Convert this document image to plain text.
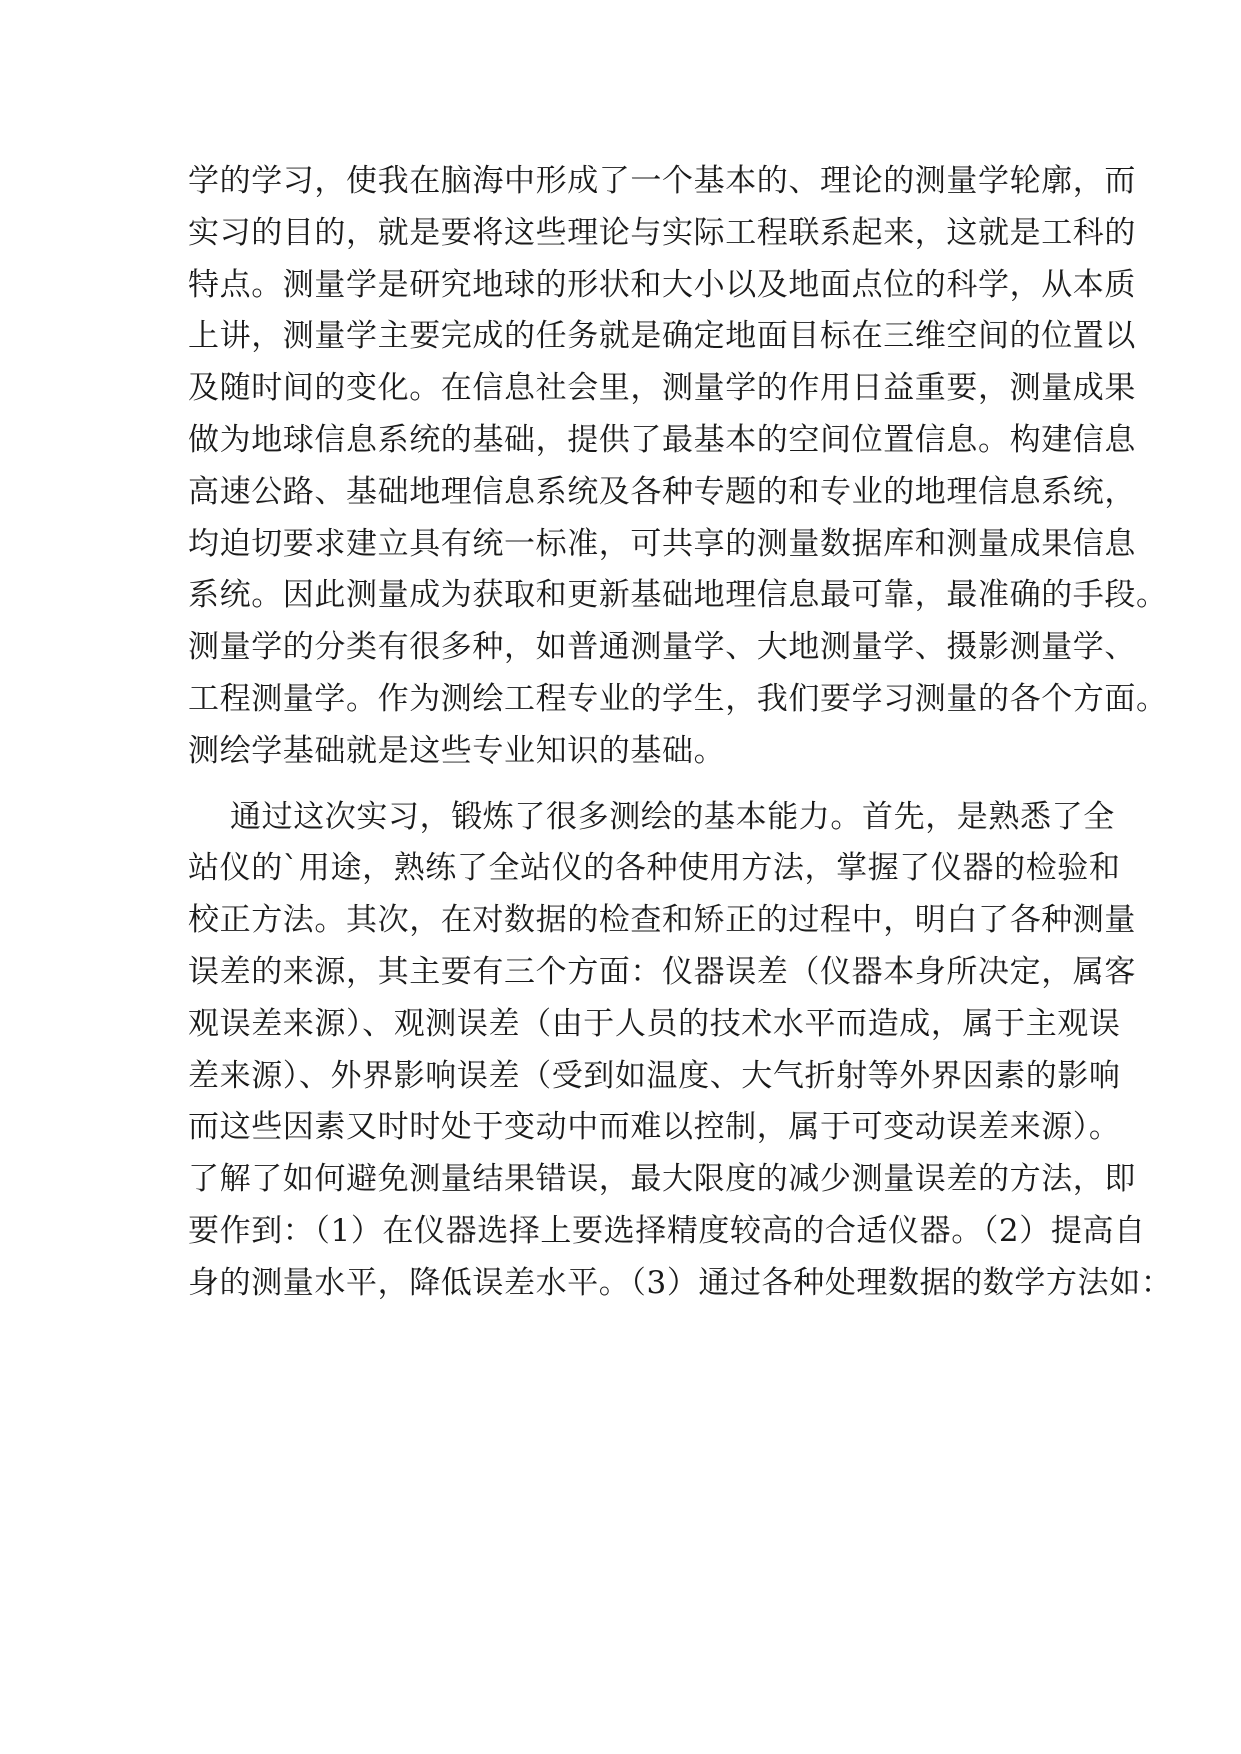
学的学习，使我在脑海中形成了一个基本的、理论的测量学轮廓，而
实习的目的，就是要将这些理论与实际工程联系起来，这就是工科的
特点。测量学是研究地球的形状和大小以及地面点位的科学，从本质
上讲，测量学主要完成的任务就是确定地面目标在三维空间的位置以
及随时间的变化。在信息社会里，测量学的作用日益重要，测量成果
做为地球信息系统的基础，提供了最基本的空间位置信息。构建信息
高速公路、基础地理信息系统及各种专题的和专业的地理信息系统，
均迫切要求建立具有统一标准，可共享的测量数据库和测量成果信息
系统。因此测量成为获取和更新基础地理信息最可靠，最准确的手段。
测量学的分类有很多种，如普通测量学、大地测量学、摄影测量学、
工程测量学。作为测绘工程专业的学生，我们要学习测量的各个方面。
测绘学基础就是这些专业知识的基础。
通过这次实习，锻炼了很多测绘的基本能力。首先，是熟悉了全
站仪的`用途，熟练了全站仪的各种使用方法，掌握了仪器的检验和
校正方法。其次，在对数据的检查和矫正的过程中，明白了各种测量
误差的来源，其主要有三个方面：仪器误差（仪器本身所决定，属客
观误差来源）、观测误差（由于人员的技术水平而造成，属于主观误
差来源）、外界影响误差（受到如温度、大气折射等外界因素的影响
而这些因素又时时处于变动中而难以控制，属于可变动误差来源）。
了解了如何避免测量结果错误，最大限度的减少测量误差的方法，即
要作到：（1）在仪器选择上要选择精度较高的合适仪器。（2）提高自
身的测量水平，降低误差水平。（3）通过各种处理数据的数学方法如：
